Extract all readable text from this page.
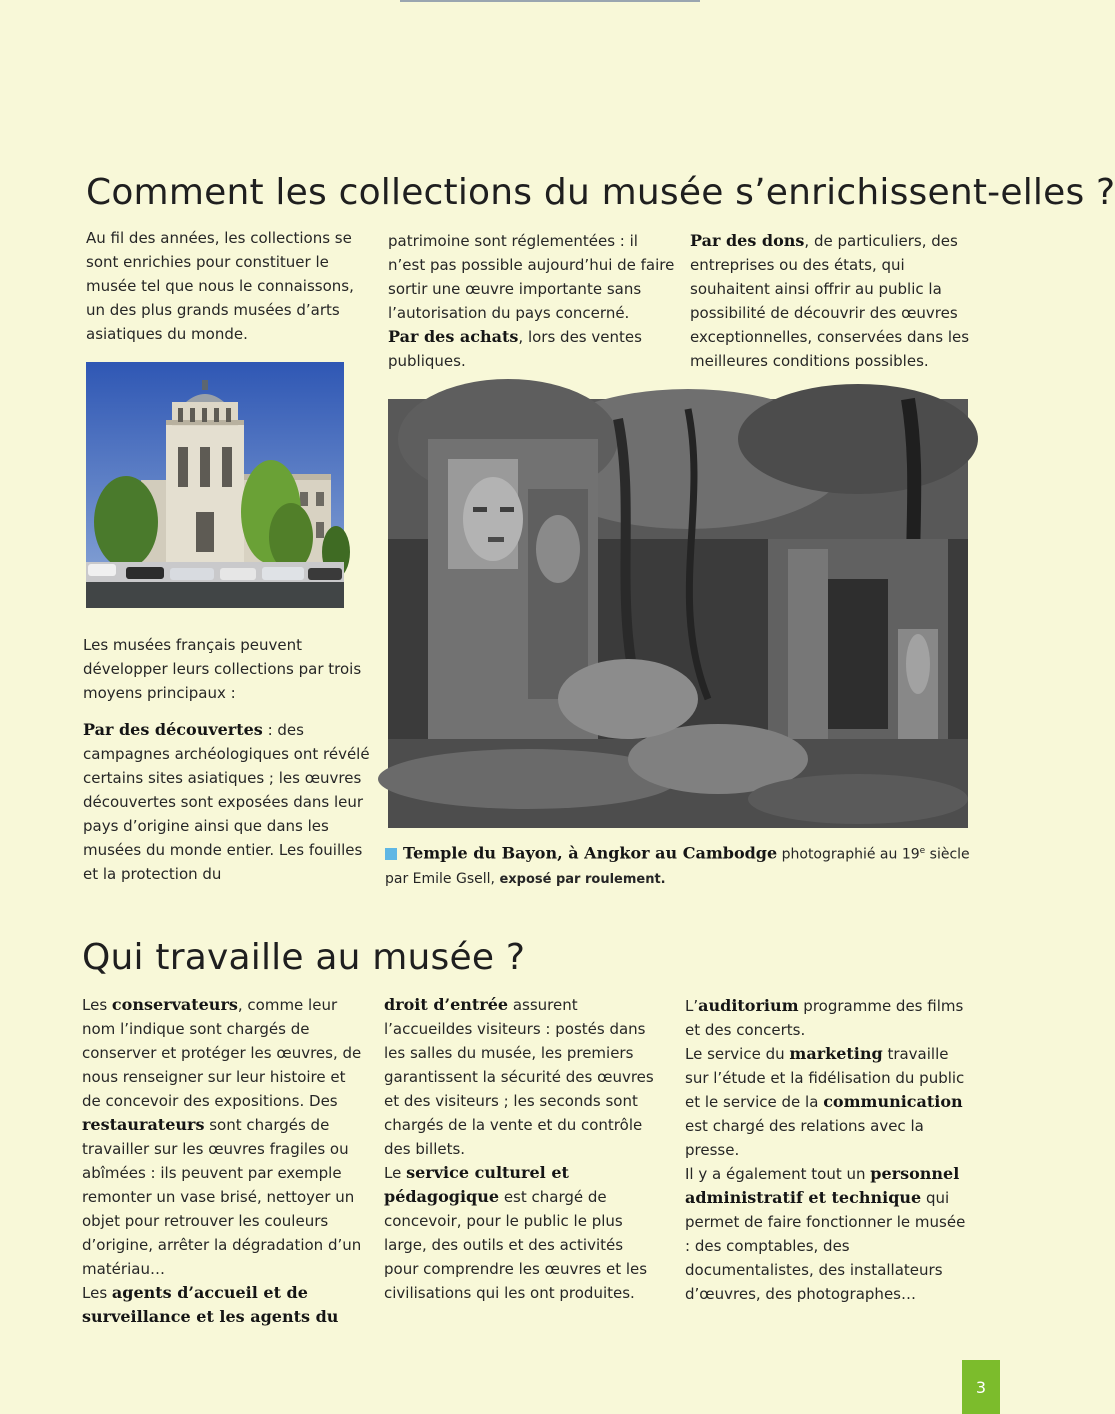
Comment les collections du musée s’enrichissent-elles ?

Au fil des années, les collections se sont enrichies pour constituer le musée tel que nous le connaissons, un des plus grands musées d’arts asiatiques du monde.

patrimoine sont réglementées : il n’est pas possible aujourd’hui de faire sortir une œuvre importante sans l’autorisation du pays concerné.
Par des achats, lors des ventes publiques.

Par des dons, de particuliers, des entreprises ou des états, qui souhaitent ainsi offrir au public la possibilité de découvrir des œuvres exceptionnelles, conservées dans les meilleures conditions possibles.

Les musées français peuvent développer leurs collections par trois moyens principaux :

Par des découvertes : des campagnes archéologiques ont révélé certains sites asiatiques ; les œuvres découvertes sont exposées dans leur pays d’origine ainsi que dans les musées du monde entier. Les fouilles et la protection du

Temple du Bayon, à Angkor au Cambodge photographié au 19e siècle par Emile Gsell, exposé par roulement.
Qui travaille au musée ?

Les conservateurs, comme leur nom l’indique sont chargés de conserver et protéger les œuvres, de nous renseigner sur leur histoire et de concevoir des expositions. Des restaurateurs sont chargés de travailler sur les œuvres fragiles ou abîmées : ils peuvent par exemple remonter un vase brisé, nettoyer un objet pour retrouver les couleurs d’origine, arrêter la dégradation d’un matériau…
Les agents d’accueil et de surveillance et les agents du

droit d’entrée assurent l’accueildes visiteurs : postés dans les salles du musée, les premiers garantissent la sécurité des œuvres et des visiteurs ; les seconds sont chargés de la vente et du contrôle des billets.
Le service culturel et pédagogique est chargé de concevoir, pour le public le plus large, des outils et des activités pour comprendre les œuvres et les civilisations qui les ont produites.

L’auditorium programme des films et des concerts.
Le service du marketing travaille sur l’étude et la fidélisation du public et le service de la communication est chargé des relations avec la presse.
Il y a également tout un personnel administratif et technique qui permet de faire fonctionner le musée : des comptables, des documentalistes, des installateurs d’œuvres, des photographes…

3
